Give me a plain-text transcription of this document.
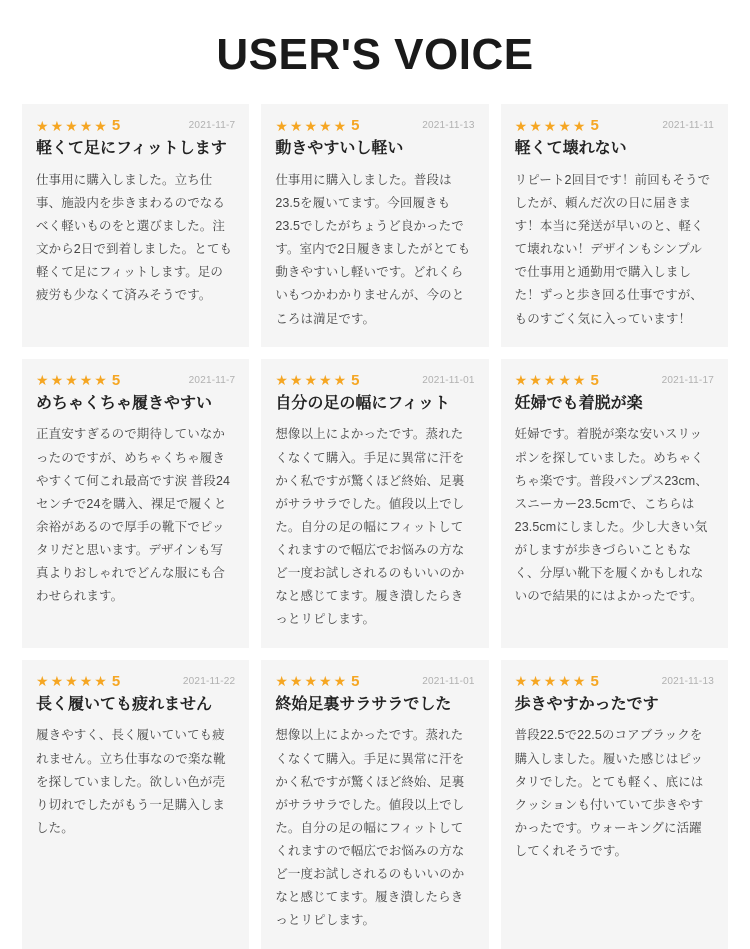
USER'S VOICE
★ ★ ★ ★ ★ 5	2021-11-7
軽くて足にフィットします
仕事用に購入しました。立ち仕事、施設内を歩きまわるのでなるべく軽いものをと選びました。注文から2日で到着しました。とても軽くて足にフィットします。足の疲労も少なくて済みそうです。
★ ★ ★ ★ ★ 5	2021-11-13
動きやすいし軽い
仕事用に購入しました。普段は23.5を履いてます。今回履きも23.5でしたがちょうど良かったです。室内で2日履きましたがとても動きやすいし軽いです。どれくらいもつかわかりませんが、今のところは満足です。
★ ★ ★ ★ ★ 5	2021-11-11
軽くて壊れない
リピート2回目です！前回もそうでしたが、頼んだ次の日に届きます！本当に発送が早いのと、軽くて壊れない！デザインもシンプルで仕事用と通勤用で購入しました！ずっと歩き回る仕事ですが、ものすごく気に入っています！
★ ★ ★ ★ ★ 5	2021-11-7
めちゃくちゃ履きやすい
正直安すぎるので期待していなかったのですが、めちゃくちゃ履きやすくて何これ最高です涙 普段24センチで24を購入、裸足で履くと余裕があるので厚手の靴下でピッタリだと思います。デザインも写真よりおしゃれでどんな服にも合わせられます。
★ ★ ★ ★ ★ 5	2021-11-01
自分の足の幅にフィット
想像以上によかったです。蒸れたくなくて購入。手足に異常に汗をかく私ですが驚くほど終始、足裏がサラサラでした。値段以上でした。自分の足の幅にフィットしてくれますので幅広でお悩みの方など一度お試しされるのもいいのかなと感じてます。履き潰したらきっとリピします。
★ ★ ★ ★ ★ 5	2021-11-17
妊婦でも着脱が楽
妊婦です。着脱が楽な安いスリッポンを探していました。めちゃくちゃ楽です。普段パンプス23cm、スニーカー23.5cmで、こちらは23.5cmにしました。少し大きい気がしますが歩きづらいこともなく、分厚い靴下を履くかもしれないので結果的にはよかったです。
★ ★ ★ ★ ★ 5	2021-11-22
長く履いても疲れません
履きやすく、長く履いていても疲れません。立ち仕事なので楽な靴を探していました。欲しい色が売り切れでしたがもう一足購入しました。
★ ★ ★ ★ ★ 5	2021-11-01
終始足裏サラサラでした
想像以上によかったです。蒸れたくなくて購入。手足に異常に汗をかく私ですが驚くほど終始、足裏がサラサラでした。値段以上でした。自分の足の幅にフィットしてくれますので幅広でお悩みの方など一度お試しされるのもいいのかなと感じてます。履き潰したらきっとリピします。
★ ★ ★ ★ ★ 5	2021-11-13
歩きやすかったです
普段22.5で22.5のコアブラックを購入しました。履いた感じはピッタリでした。とても軽く、底にはクッションも付いていて歩きやすかったです。ウォーキングに活躍してくれそうです。
